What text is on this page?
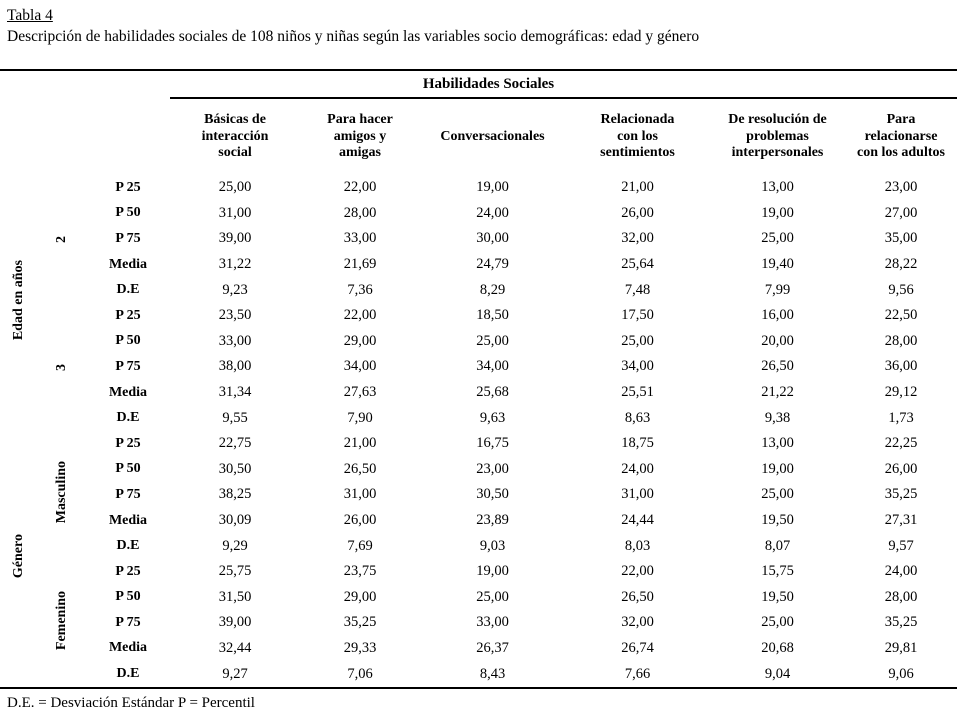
Tabla 4
Descripción de habilidades sociales de 108 niños y niñas según las variables socio demográficas: edad y género
			Habilidades Sociales					
			Básicas de interacción social	Para hacer amigos y amigas	Conversacionales	Relacionada con los sentimientos	De resolución de problemas interpersonales	Para relacionarse con los adultos
Edad en años	2	P 25	25,00	22,00	19,00	21,00	13,00	23,00
		P 50	31,00	28,00	24,00	26,00	19,00	27,00
		P 75	39,00	33,00	30,00	32,00	25,00	35,00
		Media	31,22	21,69	24,79	25,64	19,40	28,22
		D.E	9,23	7,36	8,29	7,48	7,99	9,56
	3	P 25	23,50	22,00	18,50	17,50	16,00	22,50
		P 50	33,00	29,00	25,00	25,00	20,00	28,00
		P 75	38,00	34,00	34,00	34,00	26,50	36,00
		Media	31,34	27,63	25,68	25,51	21,22	29,12
		D.E	9,55	7,90	9,63	8,63	9,38	1,73
Género	Masculino	P 25	22,75	21,00	16,75	18,75	13,00	22,25
		P 50	30,50	26,50	23,00	24,00	19,00	26,00
		P 75	38,25	31,00	30,50	31,00	25,00	35,25
		Media	30,09	26,00	23,89	24,44	19,50	27,31
		D.E	9,29	7,69	9,03	8,03	8,07	9,57
	Femenino	P 25	25,75	23,75	19,00	22,00	15,75	24,00
		P 50	31,50	29,00	25,00	26,50	19,50	28,00
		P 75	39,00	35,25	33,00	32,00	25,00	35,25
		Media	32,44	29,33	26,37	26,74	20,68	29,81
		D.E	9,27	7,06	8,43	7,66	9,04	9,06
D.E. = Desviación Estándar P = Percentil
